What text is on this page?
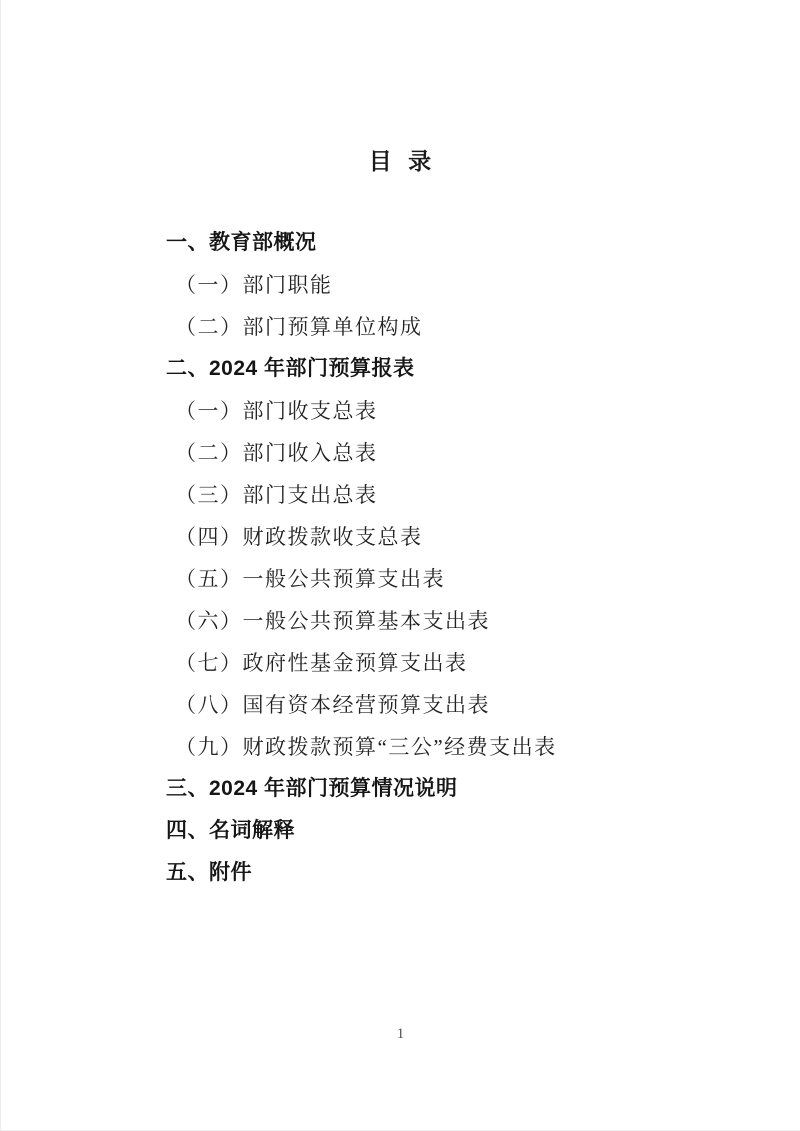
目 录
一、教育部概况
（一）部门职能
（二）部门预算单位构成
二、2024 年部门预算报表
（一）部门收支总表
（二）部门收入总表
（三）部门支出总表
（四）财政拨款收支总表
（五）一般公共预算支出表
（六）一般公共预算基本支出表
（七）政府性基金预算支出表
（八）国有资本经营预算支出表
（九）财政拨款预算“三公”经费支出表
三、2024 年部门预算情况说明
四、名词解释
五、附件
1
